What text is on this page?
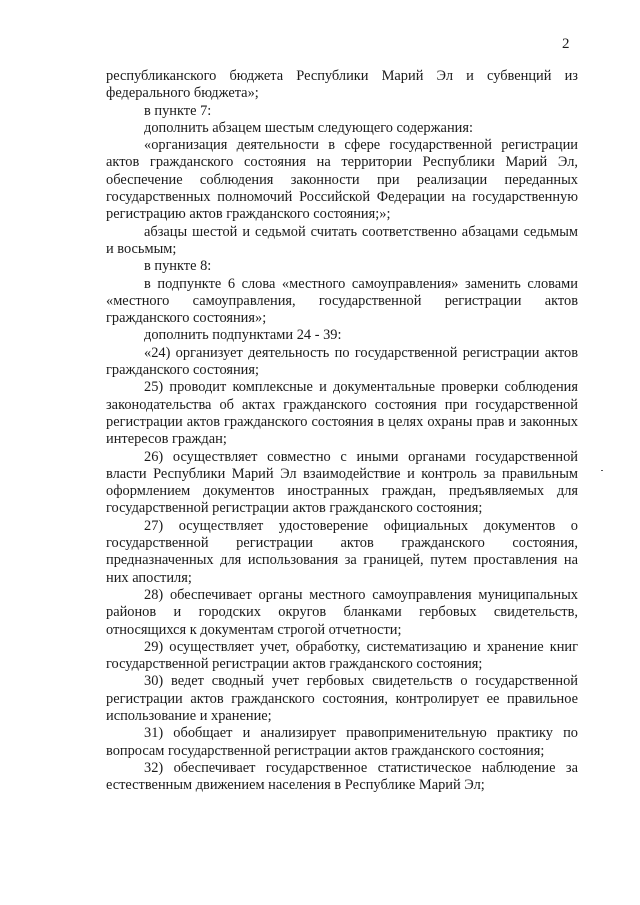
2

республиканского бюджета Республики Марий Эл и субвенций из федерального бюджета»;

в пункте 7:

дополнить абзацем шестым следующего содержания:

«организация деятельности в сфере государственной регистрации актов гражданского состояния на территории Республики Марий Эл, обеспечение соблюдения законности при реализации переданных государственных полномочий Российской Федерации на государственную регистрацию актов гражданского состояния;»;

абзацы шестой и седьмой считать соответственно абзацами седьмым и восьмым;

в пункте 8:

в подпункте 6 слова «местного самоуправления» заменить словами «местного самоуправления, государственной регистрации актов гражданского состояния»;

дополнить подпунктами 24 - 39:

«24) организует деятельность по государственной регистрации актов гражданского состояния;

25) проводит комплексные и документальные проверки соблюдения законодательства об актах гражданского состояния при государственной регистрации актов гражданского состояния в целях охраны прав и законных интересов граждан;

26) осуществляет совместно с иными органами государственной власти Республики Марий Эл взаимодействие и контроль за правильным оформлением документов иностранных граждан, предъявляемых для государственной регистрации актов гражданского состояния;

27) осуществляет удостоверение официальных документов о государственной регистрации актов гражданского состояния, предназначенных для использования за границей, путем проставления на них апостиля;

28) обеспечивает органы местного самоуправления муниципальных районов и городских округов бланками гербовых свидетельств, относящихся к документам строгой отчетности;

29) осуществляет учет, обработку, систематизацию и хранение книг государственной регистрации актов гражданского состояния;

30) ведет сводный учет гербовых свидетельств о государственной регистрации актов гражданского состояния, контролирует ее правильное использование и хранение;

31) обобщает и анализирует правоприменительную практику по вопросам государственной регистрации актов гражданского состояния;

32) обеспечивает государственное статистическое наблюдение за естественным движением населения в Республике Марий Эл;
